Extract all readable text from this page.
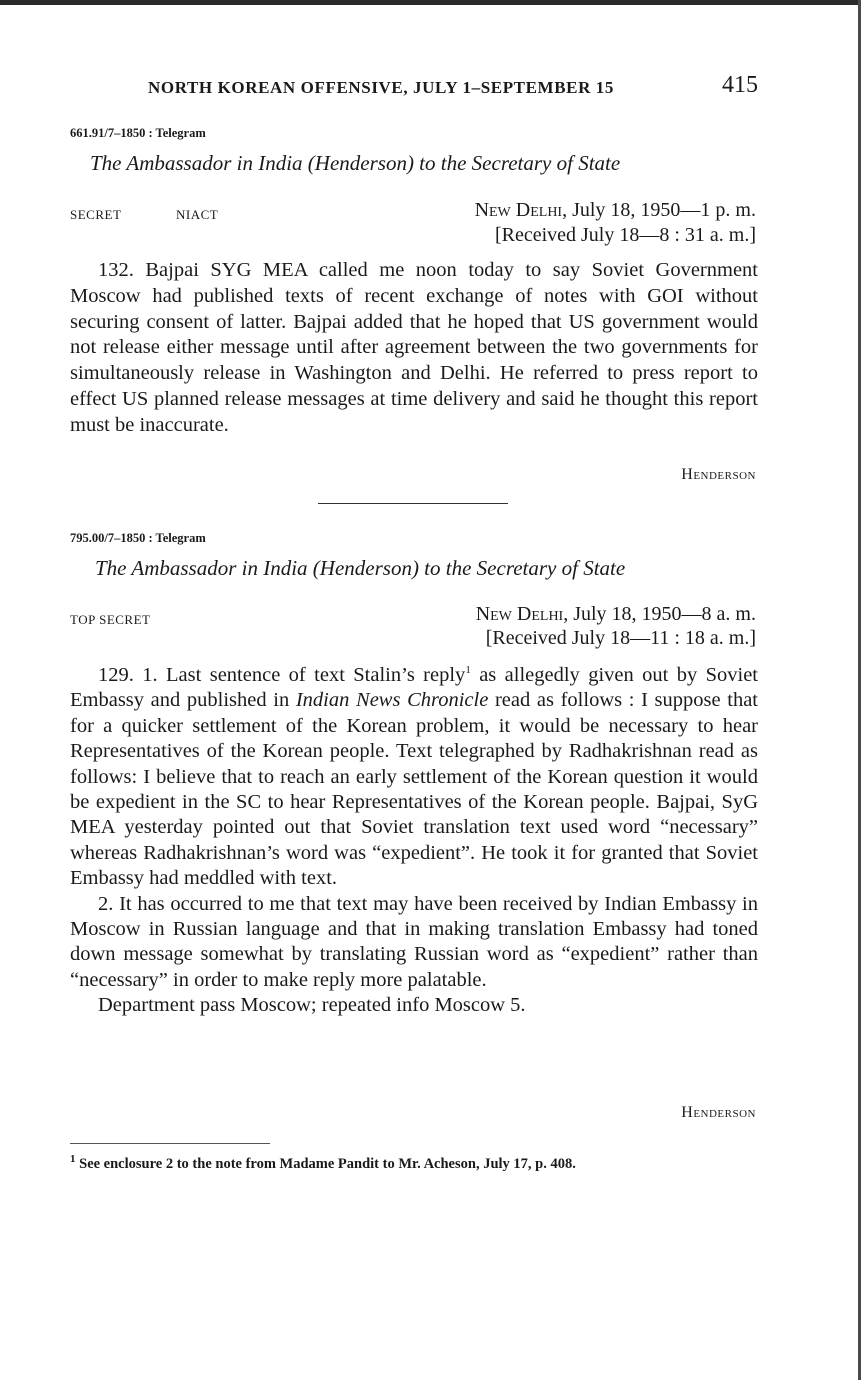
NORTH KOREAN OFFENSIVE, JULY 1–SEPTEMBER 15	415
661.91/7–1850 : Telegram
The Ambassador in India (Henderson) to the Secretary of State
SECRET	NIACT	New Delhi, July 18, 1950—1 p. m.
[Received July 18—8 : 31 a. m.]

132. Bajpai SYG MEA called me noon today to say Soviet Government Moscow had published texts of recent exchange of notes with GOI without securing consent of latter. Bajpai added that he hoped that US government would not release either message until after agreement between the two governments for simultaneously release in Washington and Delhi. He referred to press report to effect US planned release messages at time delivery and said he thought this report must be inaccurate.

Henderson
795.00/7–1850 : Telegram
The Ambassador in India (Henderson) to the Secretary of State
TOP SECRET	New Delhi, July 18, 1950—8 a. m.
[Received July 18—11 : 18 a. m.]

129. 1. Last sentence of text Stalin’s reply$^1$ as allegedly given out by Soviet Embassy and published in Indian News Chronicle read as follows : I suppose that for a quicker settlement of the Korean problem, it would be necessary to hear Representatives of the Korean people. Text telegraphed by Radhakrishnan read as follows: I believe that to reach an early settlement of the Korean question it would be expedient in the SC to hear Representatives of the Korean people. Bajpai, SyG MEA yesterday pointed out that Soviet translation text used word “necessary” whereas Radhakrishnan’s word was “expedient”. He took it for granted that Soviet Embassy had meddled with text.

2. It has occurred to me that text may have been received by Indian Embassy in Moscow in Russian language and that in making translation Embassy had toned down message somewhat by translating Russian word as “expedient” rather than “necessary” in order to make reply more palatable.

Department pass Moscow; repeated info Moscow 5.

Henderson
$^1$ See enclosure 2 to the note from Madame Pandit to Mr. Acheson, July 17, p. 408.
